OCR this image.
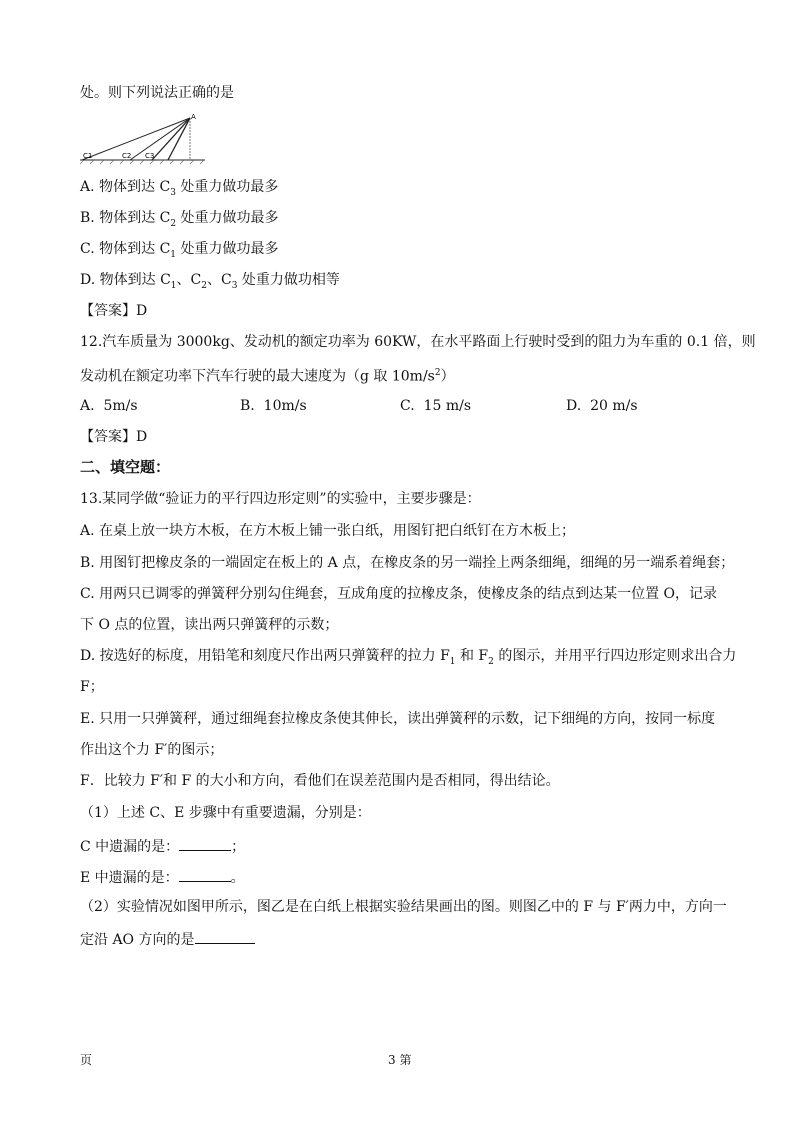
处。则下列说法正确的是
A
C1	C2 C3
A. 物体到达 $C_3$ 处重力做功最多
B. 物体到达 $C_2$ 处重力做功最多
C. 物体到达 $C_1$ 处重力做功最多
D. 物体到达 $C_1$、$C_2$、$C_3$ 处重力做功相等
【答案】D
12.汽车质量为 3000kg、发动机的额定功率为 60KW，在水平路面上行驶时受到的阻力为车重的 0.1 倍，则
发动机在额定功率下汽车行驶的最大速度为（g 取 $10m/s^2$）
A. 5m/s	B. 10m/s	C. 15 m/s	D. 20 m/s
【答案】D
二、填空题：
13.某同学做“验证力的平行四边形定则”的实验中，主要步骤是：
A. 在桌上放一块方木板，在方木板上铺一张白纸，用图钉把白纸钉在方木板上；
B. 用图钉把橡皮条的一端固定在板上的 A 点，在橡皮条的另一端拴上两条细绳，细绳的另一端系着绳套；
C. 用两只已调零的弹簧秤分别勾住绳套，互成角度的拉橡皮条，使橡皮条的结点到达某一位置 O，记录
下 O 点的位置，读出两只弹簧秤的示数；
D. 按选好的标度，用铅笔和刻度尺作出两只弹簧秤的拉力 $F_1$ 和 $F_2$ 的图示，并用平行四边形定则求出合力
F；
E. 只用一只弹簧秤，通过细绳套拉橡皮条使其伸长，读出弹簧秤的示数，记下细绳的方向，按同一标度
作出这个力 F′的图示；
F．比较力 F′和 F 的大小和方向，看他们在误差范围内是否相同，得出结论。
（1）上述 C、E 步骤中有重要遗漏，分别是：
C 中遗漏的是：	；
E 中遗漏的是：	。
（2）实验情况如图甲所示，图乙是在白纸上根据实验结果画出的图。则图乙中的 F 与 F′两力中，方向一
定沿 AO 方向的是
页	3 第
